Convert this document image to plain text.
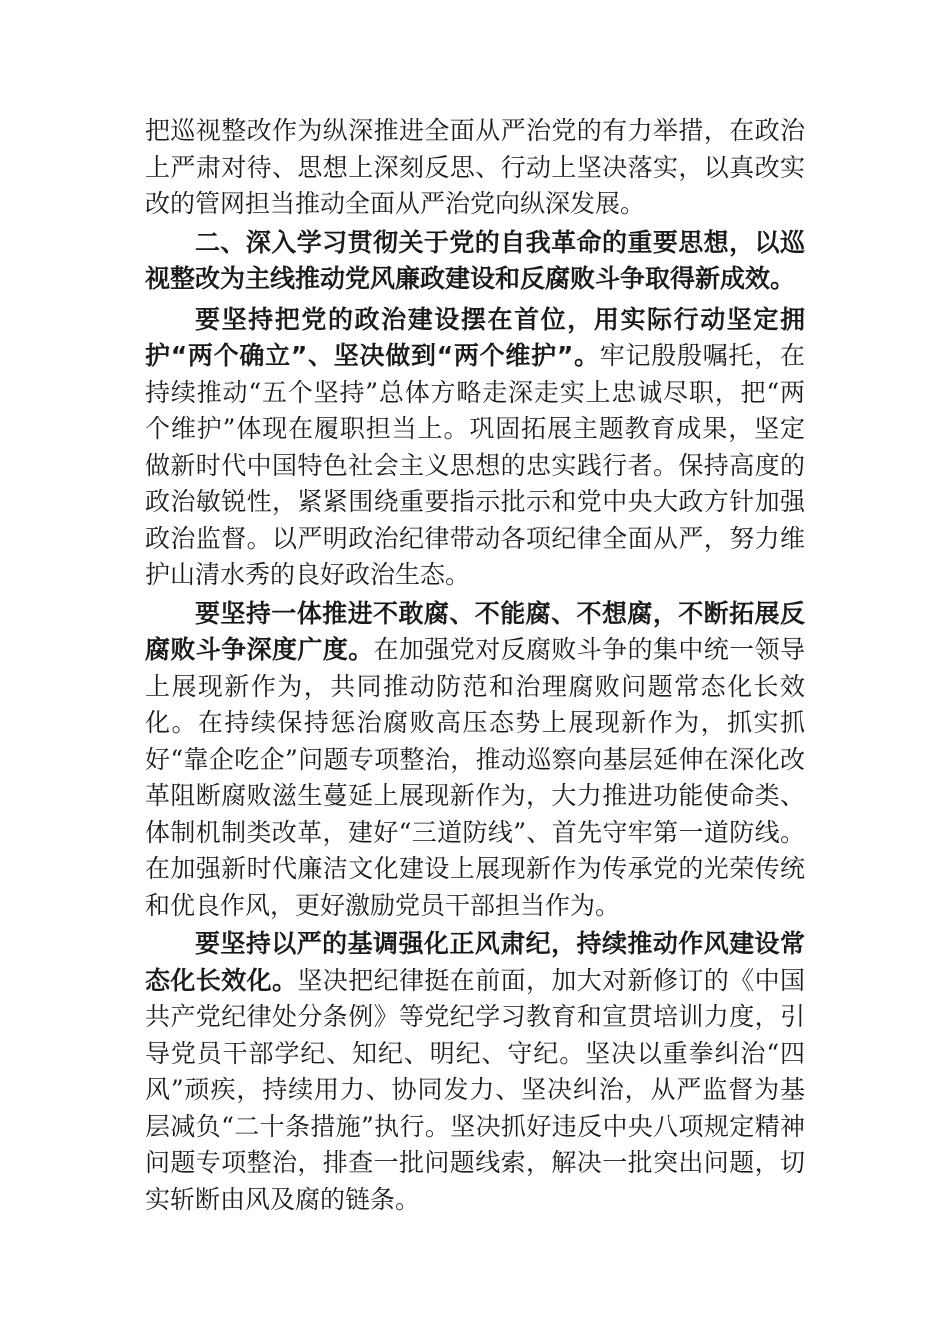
把巡视整改作为纵深推进全面从严治党的有力举措，在政治上严肃对待、思想上深刻反思、行动上坚决落实，以真改实改的管网担当推动全面从严治党向纵深发展。

二、深入学习贯彻关于党的自我革命的重要思想，以巡视整改为主线推动党风廉政建设和反腐败斗争取得新成效。

要坚持把党的政治建设摆在首位，用实际行动坚定拥护“两个确立”、坚决做到“两个维护”。牢记殷殷嘱托，在持续推动“五个坚持”总体方略走深走实上忠诚尽职，把“两个维护”体现在履职担当上。巩固拓展主题教育成果，坚定做新时代中国特色社会主义思想的忠实践行者。保持高度的政治敏锐性，紧紧围绕重要指示批示和党中央大政方针加强政治监督。以严明政治纪律带动各项纪律全面从严，努力维护山清水秀的良好政治生态。

要坚持一体推进不敢腐、不能腐、不想腐，不断拓展反腐败斗争深度广度。在加强党对反腐败斗争的集中统一领导上展现新作为，共同推动防范和治理腐败问题常态化长效化。在持续保持惩治腐败高压态势上展现新作为，抓实抓好“靠企吃企”问题专项整治，推动巡察向基层延伸在深化改革阻断腐败滋生蔓延上展现新作为，大力推进功能使命类、体制机制类改革，建好“三道防线”、首先守牢第一道防线。在加强新时代廉洁文化建设上展现新作为传承党的光荣传统和优良作风，更好激励党员干部担当作为。

要坚持以严的基调强化正风肃纪，持续推动作风建设常态化长效化。坚决把纪律挺在前面，加大对新修订的《中国共产党纪律处分条例》等党纪学习教育和宣贯培训力度，引导党员干部学纪、知纪、明纪、守纪。坚决以重拳纠治“四风”顽疾，持续用力、协同发力、坚决纠治，从严监督为基层减负“二十条措施”执行。坚决抓好违反中央八项规定精神问题专项整治，排查一批问题线索，解决一批突出问题，切实斩断由风及腐的链条。
